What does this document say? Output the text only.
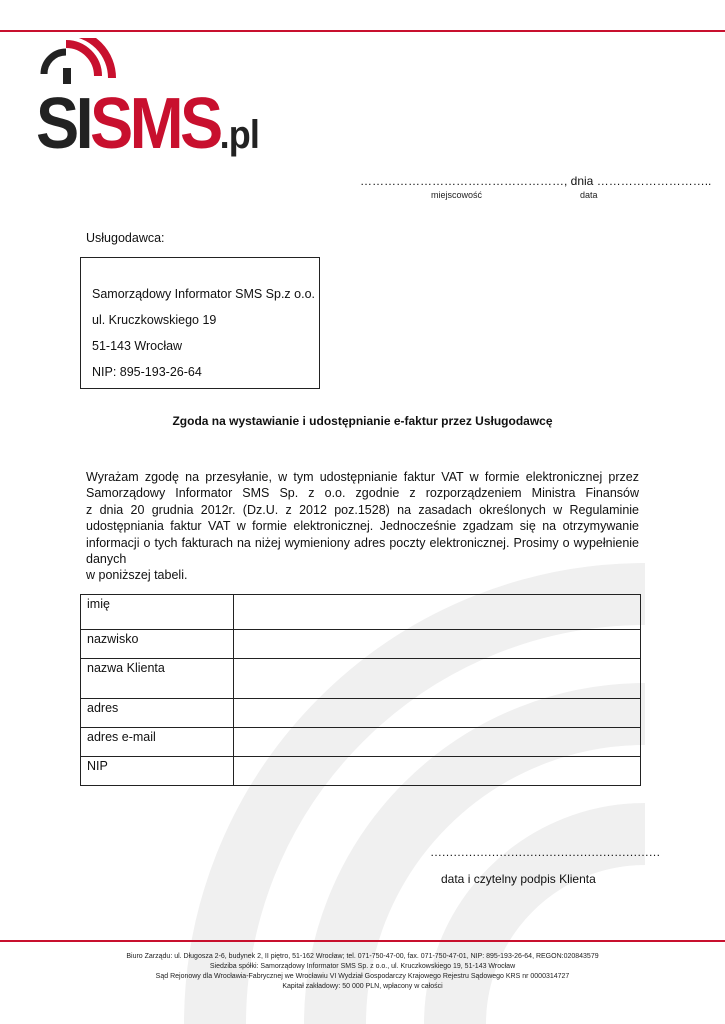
SISMS.pl
……………………………………………, dnia ………………………..
miejscowość	data
Usługodawca:
Samorządowy Informator SMS Sp.z o.o.
ul. Kruczkowskiego 19
51-143 Wrocław
NIP: 895-193-26-64
Zgoda na wystawianie i udostępnianie e-faktur przez Usługodawcę
Wyrażam zgodę na przesyłanie, w tym udostępnianie faktur VAT w formie elektronicznej przez
Samorządowy Informator SMS Sp. z o.o. zgodnie z rozporządzeniem Ministra Finansów
z dnia 20 grudnia 2012r. (Dz.U. z 2012 poz.1528) na zasadach określonych w Regulaminie
udostępniania faktur VAT w formie elektronicznej. Jednocześnie zgadzam się na otrzymywanie
informacji o tych fakturach na niżej wymieniony adres poczty elektronicznej. Prosimy o wypełnienie
danych
w poniższej tabeli.
imię	
nazwisko	
nazwa Klienta	
adres	
adres e-mail	
NIP	
……………………………………………………
data i czytelny podpis Klienta
Biuro Zarządu: ul. Długosza 2-6, budynek 2, II piętro, 51-162 Wrocław; tel. 071-750-47-00, fax. 071-750-47-01, NIP: 895-193-26-64, REGON:020843579
Siedziba spółki: Samorządowy Informator SMS Sp. z o.o., ul. Kruczkowskiego 19, 51-143 Wrocław
Sąd Rejonowy dla Wrocławia-Fabrycznej we Wrocławiu VI Wydział Gospodarczy Krajowego Rejestru Sądowego KRS nr 0000314727
Kapitał zakładowy: 50 000 PLN, wpłacony w całości
